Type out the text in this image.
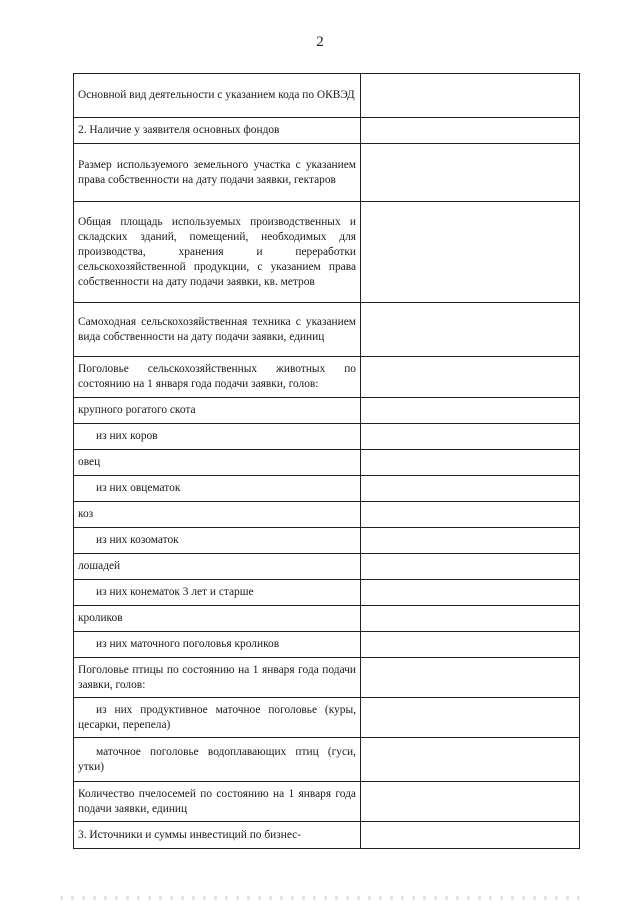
2
Основной вид деятельности с указанием кода по ОКВЭД	
2. Наличие у заявителя основных фондов	
Размер используемого земельного участка с указанием права собственности на дату подачи заявки, гектаров	
Общая площадь используемых производственных и складских зданий, помещений, необходимых для производства, хранения и переработки сельскохозяйственной продукции, с указанием права собственности на дату подачи заявки, кв. метров	
Самоходная сельскохозяйственная техника с указанием вида собственности на дату подачи заявки, единиц	
Поголовье сельскохозяйственных животных по состоянию на 1 января года подачи заявки, голов:	
крупного рогатого скота	
из них коров	
овец	
из них овцематок	
коз	
из них козоматок	
лошадей	
из них конематок 3 лет и старше	
кроликов	
из них маточного поголовья кроликов	
Поголовье птицы по состоянию на 1 января года подачи заявки, голов:	
из них продуктивное маточное поголовье (куры, цесарки, перепела)	
маточное поголовье водоплавающих птиц (гуси, утки)	
Количество пчелосемей по состоянию на 1 января года подачи заявки, единиц	
3. Источники и суммы инвестиций по бизнес-	
